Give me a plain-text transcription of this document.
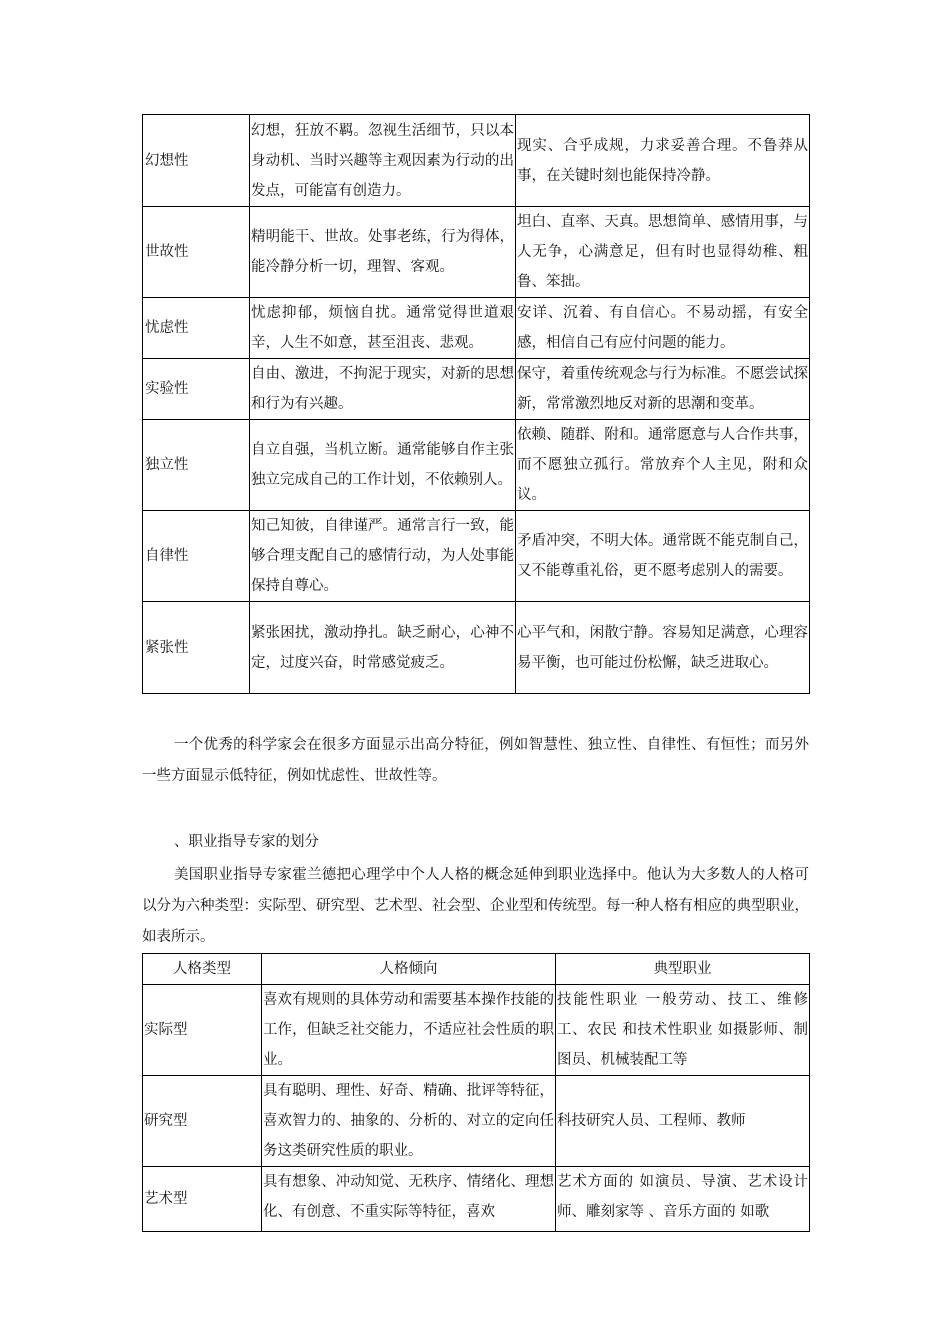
幻想性	幻想，狂放不羁。忽视生活细节，只以本身动机、当时兴趣等主观因素为行动的出发点，可能富有创造力。	现实、合乎成规，力求妥善合理。不鲁莽从事，在关键时刻也能保持冷静。
世故性	精明能干、世故。处事老练，行为得体，能冷静分析一切，理智、客观。	坦白、直率、天真。思想简单、感情用事，与人无争，心满意足，但有时也显得幼稚、粗鲁、笨拙。
忧虑性	忧虑抑郁，烦恼自扰。通常觉得世道艰辛，人生不如意，甚至沮丧、悲观。	安详、沉着、有自信心。不易动摇，有安全感，相信自己有应付问题的能力。
实验性	自由、激进，不拘泥于现实，对新的思想和行为有兴趣。	保守，着重传统观念与行为标准。不愿尝试探新，常常激烈地反对新的思潮和变革。
独立性	自立自强，当机立断。通常能够自作主张独立完成自己的工作计划，不依赖别人。	依赖、随群、附和。通常愿意与人合作共事，而不愿独立孤行。常放弃个人主见，附和众议。
自律性	知己知彼，自律谨严。通常言行一致，能够合理支配自己的感情行动，为人处事能保持自尊心。	矛盾冲突，不明大体。通常既不能克制自己，又不能尊重礼俗，更不愿考虑别人的需要。
紧张性	紧张困扰，激动挣扎。缺乏耐心，心神不定，过度兴奋，时常感觉疲乏。	心平气和，闲散宁静。容易知足满意，心理容易平衡，也可能过份松懈，缺乏进取心。

一个优秀的科学家会在很多方面显示出高分特征，例如智慧性、独立性、自律性、有恒性；而另外一些方面显示低特征，例如忧虑性、世故性等。

、职业指导专家的划分

美国职业指导专家霍兰德把心理学中个人人格的概念延伸到职业选择中。他认为大多数人的人格可以分为六种类型：实际型、研究型、艺术型、社会型、企业型和传统型。每一种人格有相应的典型职业，如表所示。

人格类型	人格倾向	典型职业
实际型	喜欢有规则的具体劳动和需要基本操作技能的工作，但缺乏社交能力，不适应社会性质的职业。	技能性职业 一般劳动、技工、维修工、农民 和技术性职业 如摄影师、制图员、机械装配工等
研究型	具有聪明、理性、好奇、精确、批评等特征，喜欢智力的、抽象的、分析的、对立的定向任务这类研究性质的职业。	科技研究人员、工程师、教师
艺术型	具有想象、冲动知觉、无秩序、情绪化、理想化、有创意、不重实际等特征，喜欢	艺术方面的 如演员、导演、艺术设计师、雕刻家等 、音乐方面的 如歌
